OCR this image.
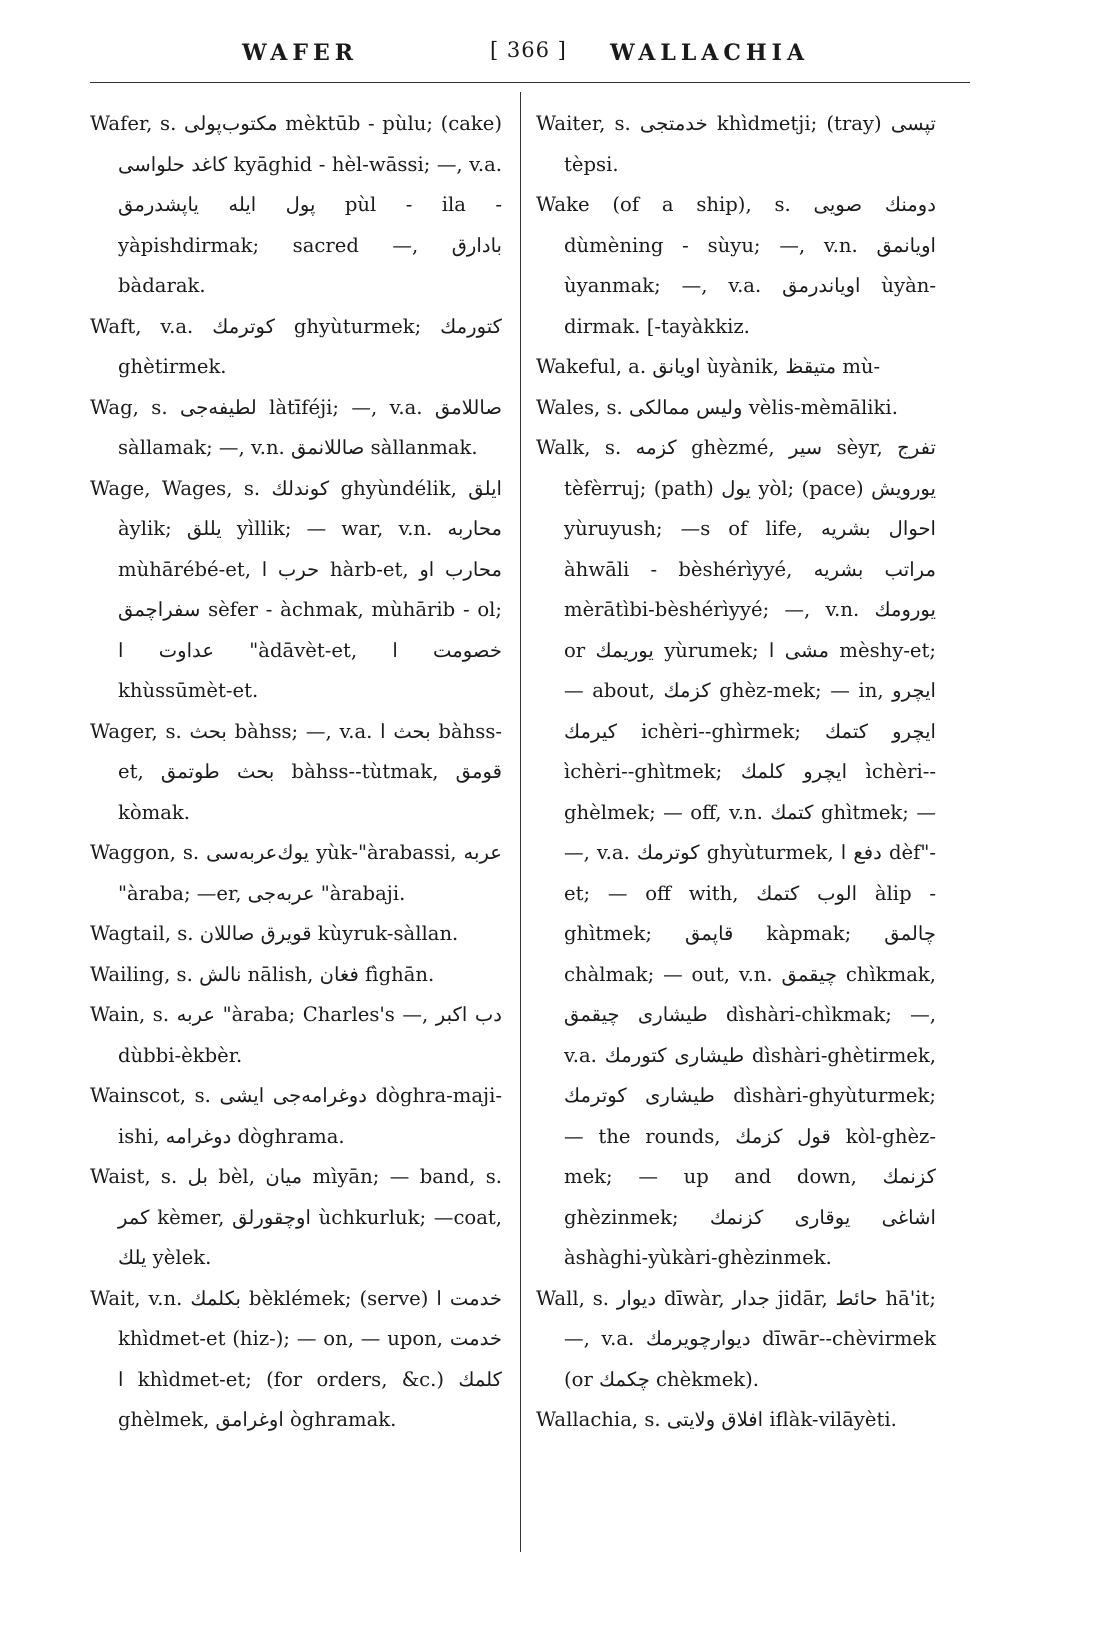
WAFER	[ 366 ] WALLACHIA

Wafer, s. مكتوب‌پولی mèktūb - pùlu; (cake) كاغد حلواسی kyāghid - hèl-wāssi; —, v.a. پول ایله یاپشدرمق pùl - ila - yàpishdirmak; sacred —, بادارق bàdarak.

Waft, v.a. كوترمك ghyùturmek; كتورمك ghètirmek.

Wag, s. لطیفه‌جی làtīféji; —, v.a. صاللامق sàllamak; —, v.n. صاللانمق sàllanmak.

Wage, Wages, s. كوندلك ghyùndélik, ایلق àylik; یللق yìllik; — war, v.n. محاربه mùhārébé-et, حرب ا hàrb-et, محارب او سفراچمق sèfer - àchmak, mùhārib - ol; عداوت ا "àdāvèt-et, خصومت ا khùssūmèt-et.

Wager, s. بحث bàhss; —, v.a. بحث ا bàhss-et, بحث طوتمق bàhss--tùtmak, قومق kòmak.

Waggon, s. یوك‌عربه‌سی yùk-"àrabassi, عربه "àraba; —er, عربه‌جی "àrabaji.

Wagtail, s. قویرق صاللان kùyruk-sàllan.

Wailing, s. نالش nālish, فغان fìghān.

Wain, s. عربه "àraba; Charles's —, دب اكبر dùbbi-èkbèr.

Wainscot, s. دوغرامه‌جی ایشی dòghra-maji-ishi, دوغرامه dòghrama.

Waist, s. بل bèl, میان mìyān; — band, s. كمر kèmer, اوچقورلق ùchkurluk; —coat, یلك yèlek.

Wait, v.n. بكلمك bèklémek; (serve) خدمت ا khìdmet-et (hiz-); — on, — upon, خدمت ا khìdmet-et; (for orders, &c.) كلمك ghèlmek, اوغرامق òghramak.

Waiter, s. خدمتجی khìdmetji; (tray) تپسی tèpsi.

Wake (of a ship), s. دومنك صویی dùmèning - sùyu; —, v.n. اویانمق ùyanmak; —, v.a. اویاندرمق ùyàn-dirmak. [-tayàkkiz.

Wakeful, a. اویانق ùyànik, متیقظ mù-

Wales, s. ولیس ممالكی vèlis-mèmāliki.

Walk, s. كزمه ghèzmé, سیر sèyr, تفرج tèfèrruj; (path) یول yòl; (pace) یورویش yùruyush; —s of life, احوال بشریه àhwāli - bèshérìyyé, مراتب بشریه mèrātìbi-bèshérìyyé; —, v.n. یورومك or یوریمك yùrumek; مشی ا mèshy-et; — about, كزمك ghèz-mek; — in, ایچرو كیرمك ichèri--ghìrmek; ایچرو كتمك ìchèri--ghìtmek; ایچرو كلمك ìchèri--ghèlmek; — off, v.n. كتمك ghìtmek; — —, v.a. كوترمك ghyùturmek, دفع ا dèf"-et; — off with, الوب كتمك àlip - ghìtmek; قاپمق kàpmak; چالمق chàlmak; — out, v.n. چیقمق chìkmak, طیشاری چیقمق dìshàri-chìkmak; —, v.a. طیشاری كتورمك dìshàri-ghètirmek, طیشاری كوترمك dìshàri-ghyùturmek; — the rounds, قول كزمك kòl-ghèz-mek; — up and down, كزنمك ghèzinmek; اشاغی یوقاری كزنمك àshàghi-yùkàri-ghèzinmek.

Wall, s. دیوار dīwàr, جدار jidār, حائط hā'it; —, v.a. دیوارچویرمك dīwār--chèvirmek (or چكمك chèkmek).

Wallachia, s. افلاق ولایتی iflàk-vilāyèti.
